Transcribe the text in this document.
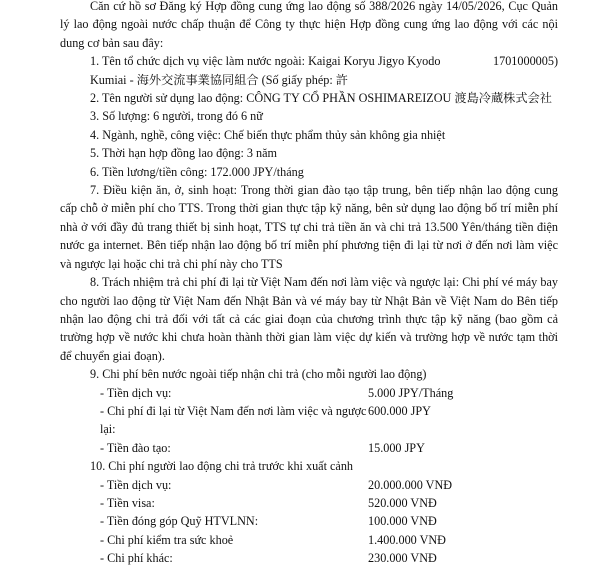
Căn cứ hồ sơ Đăng ký Hợp đồng cung ứng lao động số 388/2026 ngày 14/05/2026, Cục Quản lý lao động ngoài nước chấp thuận để Công ty thực hiện Hợp đồng cung ứng lao động với các nội dung cơ bản sau đây:

1. Tên tổ chức dịch vụ việc làm nước ngoài: Kaigai Koryu Jigyo Kyodo Kumiai - 海外交流事業協同組合 (Số giấy phép: 許
1701000005)

2. Tên người sử dụng lao động: CÔNG TY CỔ PHẦN OSHIMAREIZOU 渡島冷蔵株式会社

3. Số lượng: 6 người, trong đó 6 nữ

4. Ngành, nghề, công việc: Chế biến thực phẩm thủy sản không gia nhiệt

5. Thời hạn hợp đồng lao động: 3 năm

6. Tiền lương/tiền công: 172.000 JPY/tháng

7. Điều kiện ăn, ở, sinh hoạt: Trong thời gian đào tạo tập trung, bên tiếp nhận lao động cung cấp chỗ ở miễn phí cho TTS. Trong thời gian thực tập kỹ năng, bên sử dụng lao động bố trí miễn phí nhà ở với đầy đủ trang thiết bị sinh hoạt, TTS tự chi trả tiền ăn và chi trả 13.500 Yên/tháng tiền điện nước ga internet. Bên tiếp nhận lao động bố trí miễn phí phương tiện đi lại từ nơi ở đến nơi làm việc và ngược lại hoặc chi trả chi phí này cho TTS

8. Trách nhiệm trả chi phí đi lại từ Việt Nam đến nơi làm việc và ngược lại: Chi phí vé máy bay cho người lao động từ Việt Nam đến Nhật Bản và vé máy bay từ Nhật Bản về Việt Nam do Bên tiếp nhận lao động chi trả đối với tất cả các giai đoạn của chương trình thực tập kỹ năng (bao gồm cả trường hợp về nước khi chưa hoàn thành thời gian làm việc dự kiến và trường hợp về nước tạm thời để chuyển giai đoạn).

9. Chi phí bên nước ngoài tiếp nhận chi trả (cho mỗi người lao động)

- Tiền dịch vụ:	5.000 JPY/Tháng
- Chi phí đi lại từ Việt Nam đến nơi làm việc và ngược lại:
600.000 JPY
- Tiền đào tạo:	15.000 JPY

10. Chi phí người lao động chi trả trước khi xuất cảnh

- Tiền dịch vụ:	20.000.000 VNĐ
- Tiền visa:	520.000 VNĐ
- Tiền đóng góp Quỹ HTVLNN:	100.000 VNĐ
- Chi phí kiểm tra sức khoẻ	1.400.000 VNĐ
- Chi phí khác:	230.000 VNĐ
